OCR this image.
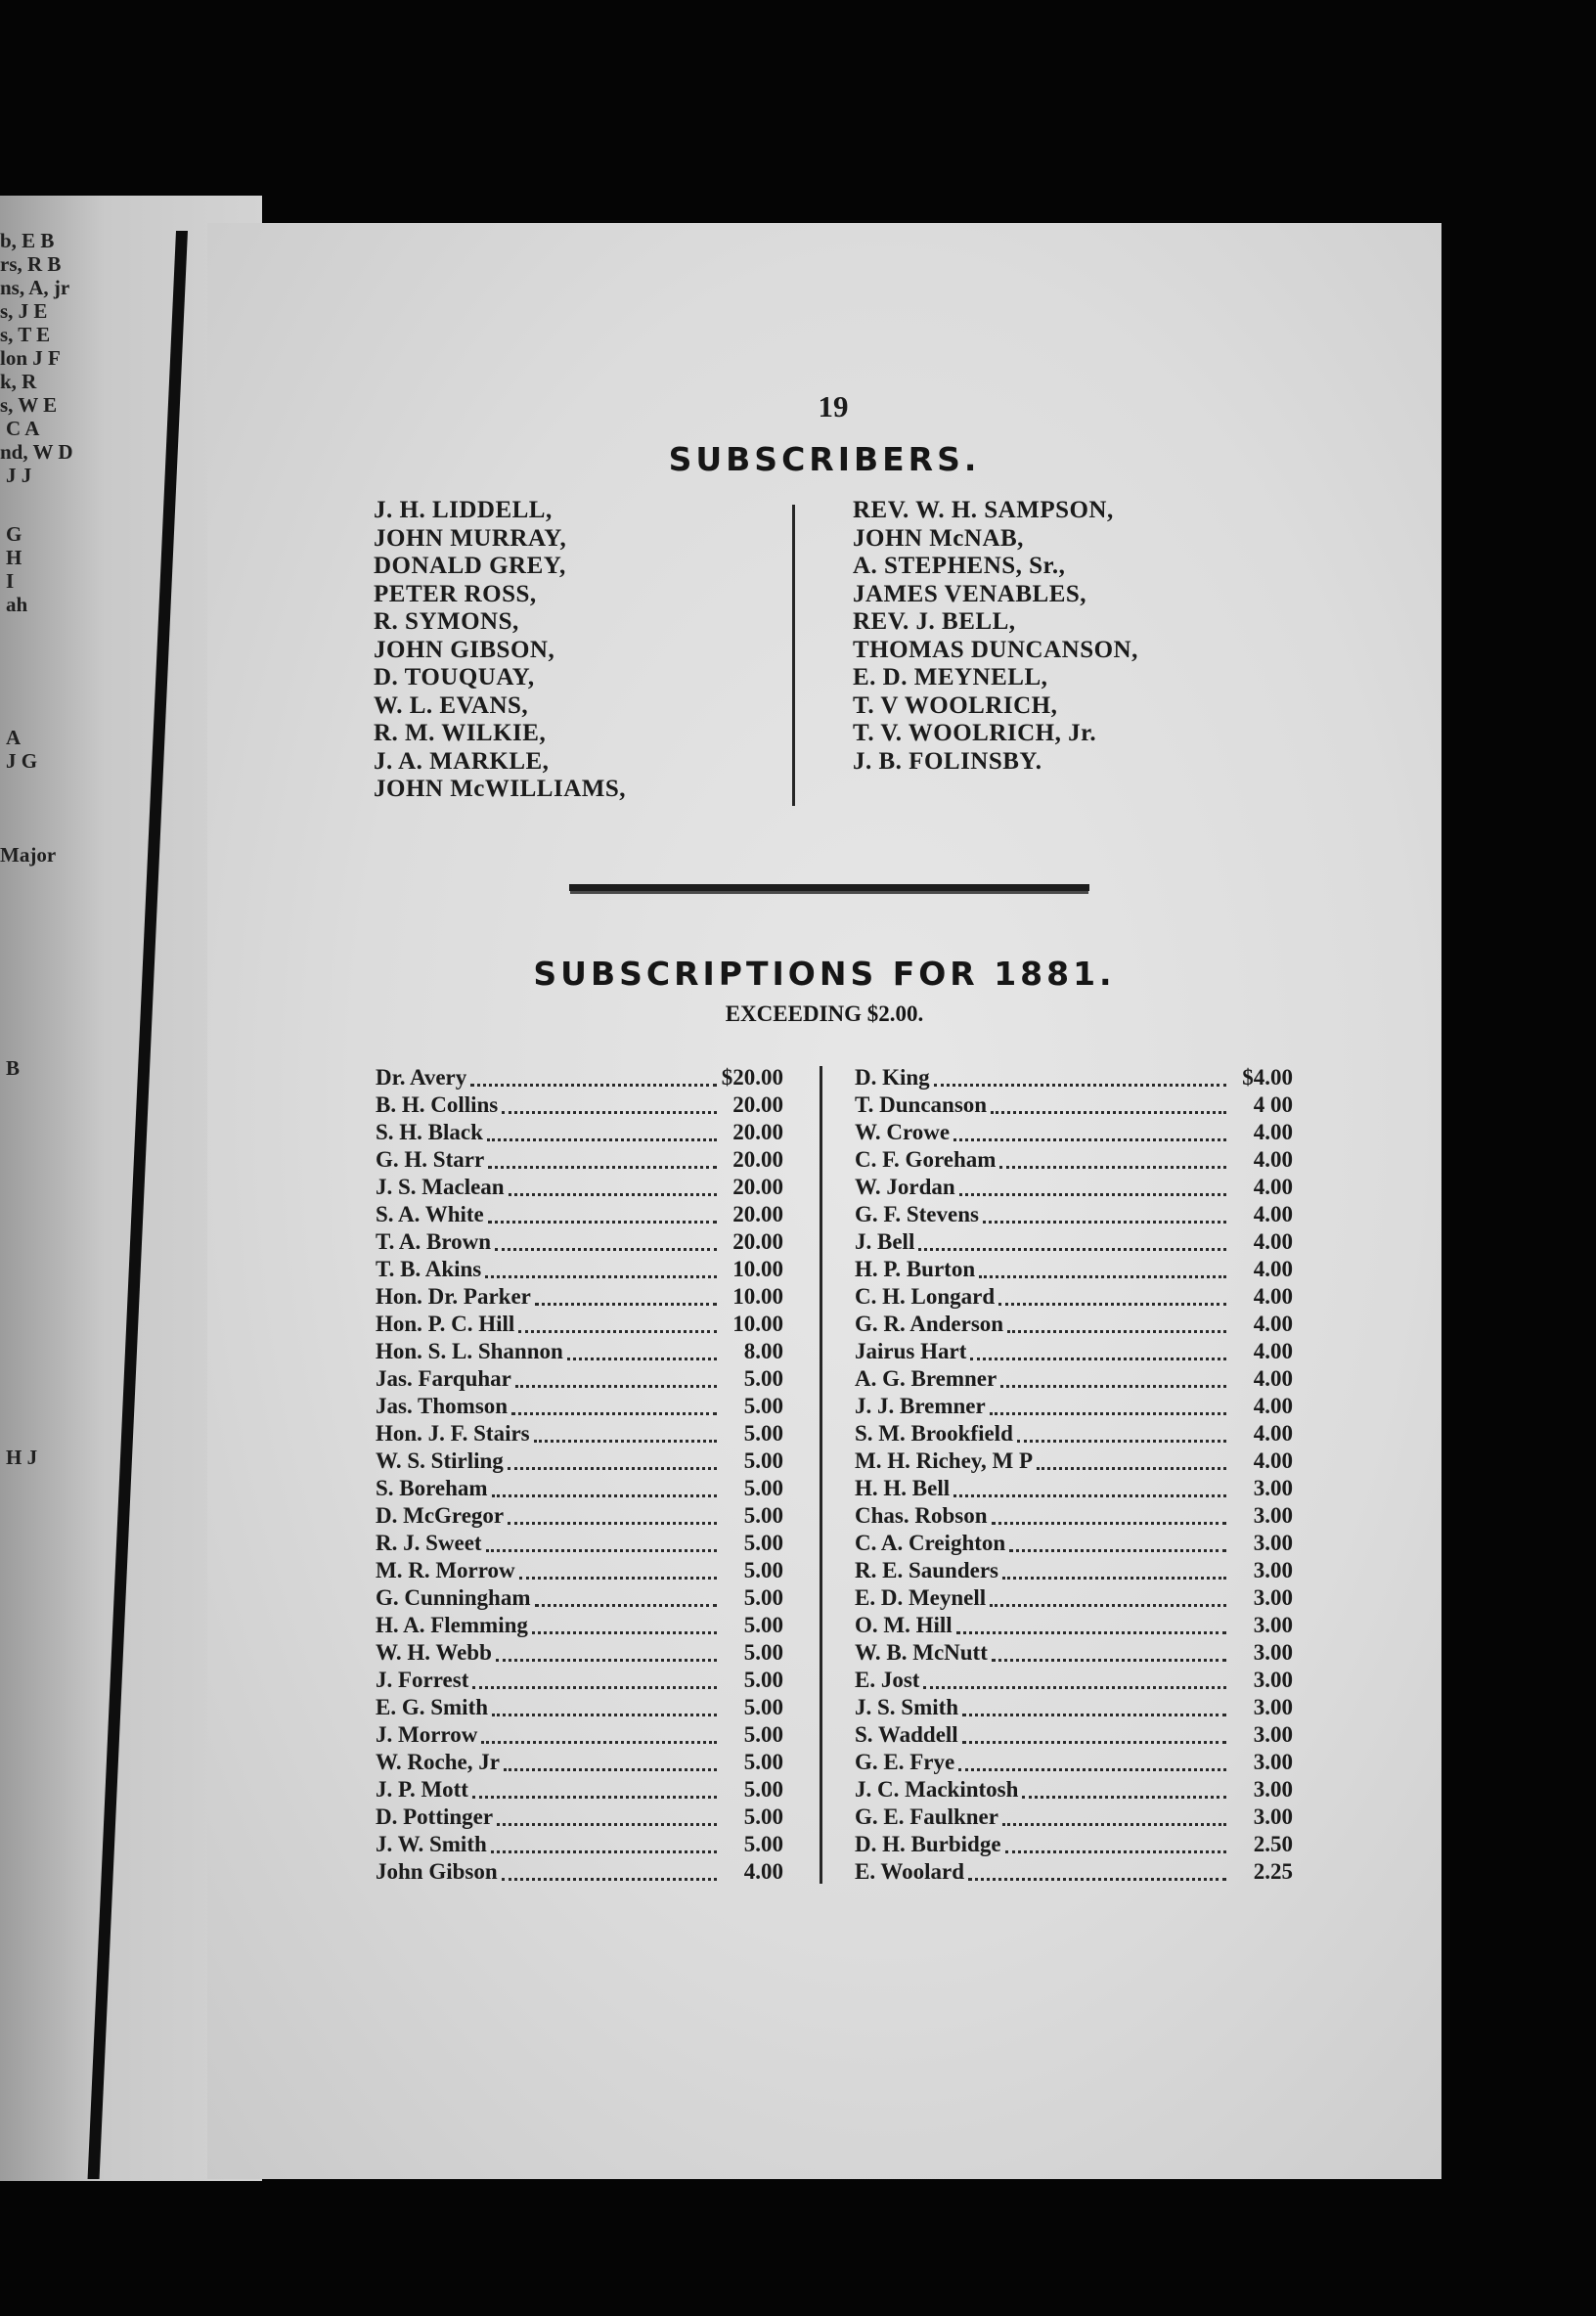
b, E B
rs, R B
ns, A, jr
s, J E
s, T E
lon J F
k, R
s, W E
C A
nd, W D
J J
G
H
I
ah
A
J G
Major
B
H J
19
SUBSCRIBERS.
J. H. LIDDELL,
JOHN MURRAY,
DONALD GREY,
PETER ROSS,
R. SYMONS,
JOHN GIBSON,
D. TOUQUAY,
W. L. EVANS,
R. M. WILKIE,
J. A. MARKLE,
JOHN McWILLIAMS,
REV. W. H. SAMPSON,
JOHN McNAB,
A. STEPHENS, Sr.,
JAMES VENABLES,
REV. J. BELL,
THOMAS DUNCANSON,
E. D. MEYNELL,
T. V WOOLRICH,
T. V. WOOLRICH, Jr.
J. B. FOLINSBY.
SUBSCRIPTIONS FOR 1881.
EXCEEDING $2.00.
Dr. Avery	$20.00
B. H. Collins	20.00
S. H. Black	20.00
G. H. Starr	20.00
J. S. Maclean	20.00
S. A. White	20.00
T. A. Brown	20.00
T. B. Akins	10.00
Hon. Dr. Parker	10.00
Hon. P. C. Hill	10.00
Hon. S. L. Shannon	8.00
Jas. Farquhar	5.00
Jas. Thomson	5.00
Hon. J. F. Stairs	5.00
W. S. Stirling	5.00
S. Boreham	5.00
D. McGregor	5.00
R. J. Sweet	5.00
M. R. Morrow	5.00
G. Cunningham	5.00
H. A. Flemming	5.00
W. H. Webb	5.00
J. Forrest	5.00
E. G. Smith	5.00
J. Morrow	5.00
W. Roche, Jr	5.00
J. P. Mott	5.00
D. Pottinger	5.00
J. W. Smith	5.00
John Gibson	4.00
D. King	$4.00
T. Duncanson	4 00
W. Crowe	4.00
C. F. Goreham	4.00
W. Jordan	4.00
G. F. Stevens	4.00
J. Bell	4.00
H. P. Burton	4.00
C. H. Longard	4.00
G. R. Anderson	4.00
Jairus Hart	4.00
A. G. Bremner	4.00
J. J. Bremner	4.00
S. M. Brookfield	4.00
M. H. Richey, M P	4.00
H. H. Bell	3.00
Chas. Robson	3.00
C. A. Creighton	3.00
R. E. Saunders	3.00
E. D. Meynell	3.00
O. M. Hill	3.00
W. B. McNutt	3.00
E. Jost	3.00
J. S. Smith	3.00
S. Waddell	3.00
G. E. Frye	3.00
J. C. Mackintosh	3.00
G. E. Faulkner	3.00
D. H. Burbidge	2.50
E. Woolard	2.25
